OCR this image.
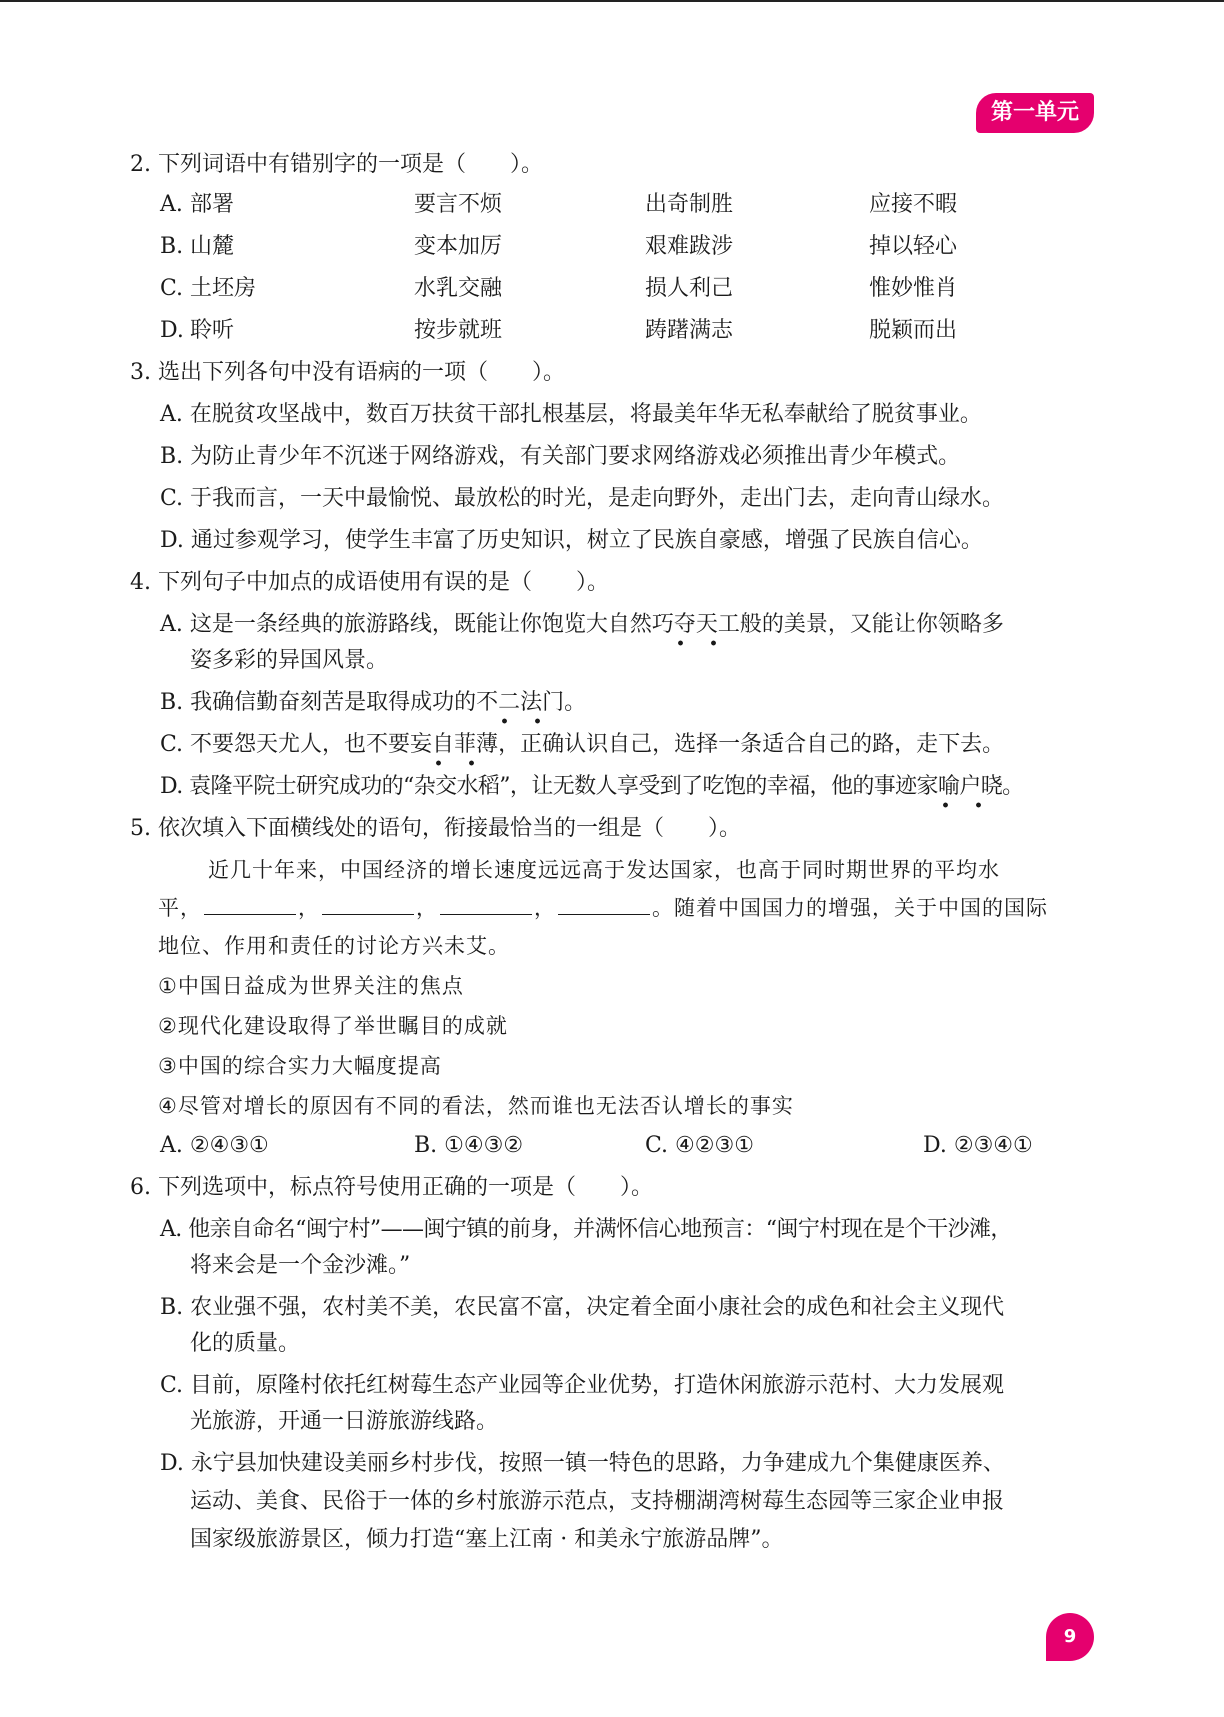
第一单元
2. 下列词语中有错别字的一项是（　　）。
A. 部署	要言不烦	出奇制胜	应接不暇
B. 山麓	变本加厉	艰难跋涉	掉以轻心
C. 土坯房	水乳交融	损人利己	惟妙惟肖
D. 聆听	按步就班	踌躇满志	脱颖而出
3. 选出下列各句中没有语病的一项（　　）。
A. 在脱贫攻坚战中，数百万扶贫干部扎根基层，将最美年华无私奉献给了脱贫事业。
B. 为防止青少年不沉迷于网络游戏，有关部门要求网络游戏必须推出青少年模式。
C. 于我而言，一天中最愉悦、最放松的时光，是走向野外，走出门去，走向青山绿水。
D. 通过参观学习，使学生丰富了历史知识，树立了民族自豪感，增强了民族自信心。
4. 下列句子中加点的成语使用有误的是（　　）。
A. 这是一条经典的旅游路线，既能让你饱览大自然巧夺天工般的美景，又能让你领略多
姿多彩的异国风景。
B. 我确信勤奋刻苦是取得成功的不二法门。
C. 不要怨天尤人，也不要妄自菲薄，正确认识自己，选择一条适合自己的路，走下去。
D. 袁隆平院士研究成功的“杂交水稻”，让无数人享受到了吃饱的幸福，他的事迹家喻户晓。
5. 依次填入下面横线处的语句，衔接最恰当的一组是（　　）。
近几十年来，中国经济的增长速度远远高于发达国家，也高于同时期世界的平均水
平，	，	，	，	。随着中国国力的增强，关于中国的国际
地位、作用和责任的讨论方兴未艾。
①中国日益成为世界关注的焦点
②现代化建设取得了举世瞩目的成就
③中国的综合实力大幅度提高
④尽管对增长的原因有不同的看法，然而谁也无法否认增长的事实
A. ②④③①	B. ①④③②	C. ④②③①	D. ②③④①
6. 下列选项中，标点符号使用正确的一项是（　　）。
A. 他亲自命名“闽宁村”——闽宁镇的前身，并满怀信心地预言：“闽宁村现在是个干沙滩，
将来会是一个金沙滩。”
B. 农业强不强，农村美不美，农民富不富，决定着全面小康社会的成色和社会主义现代
化的质量。
C. 目前，原隆村依托红树莓生态产业园等企业优势，打造休闲旅游示范村、大力发展观
光旅游，开通一日游旅游线路。
D. 永宁县加快建设美丽乡村步伐，按照一镇一特色的思路，力争建成九个集健康医养、
运动、美食、民俗于一体的乡村旅游示范点，支持棚湖湾树莓生态园等三家企业申报
国家级旅游景区，倾力打造“塞上江南 · 和美永宁旅游品牌”。
9
